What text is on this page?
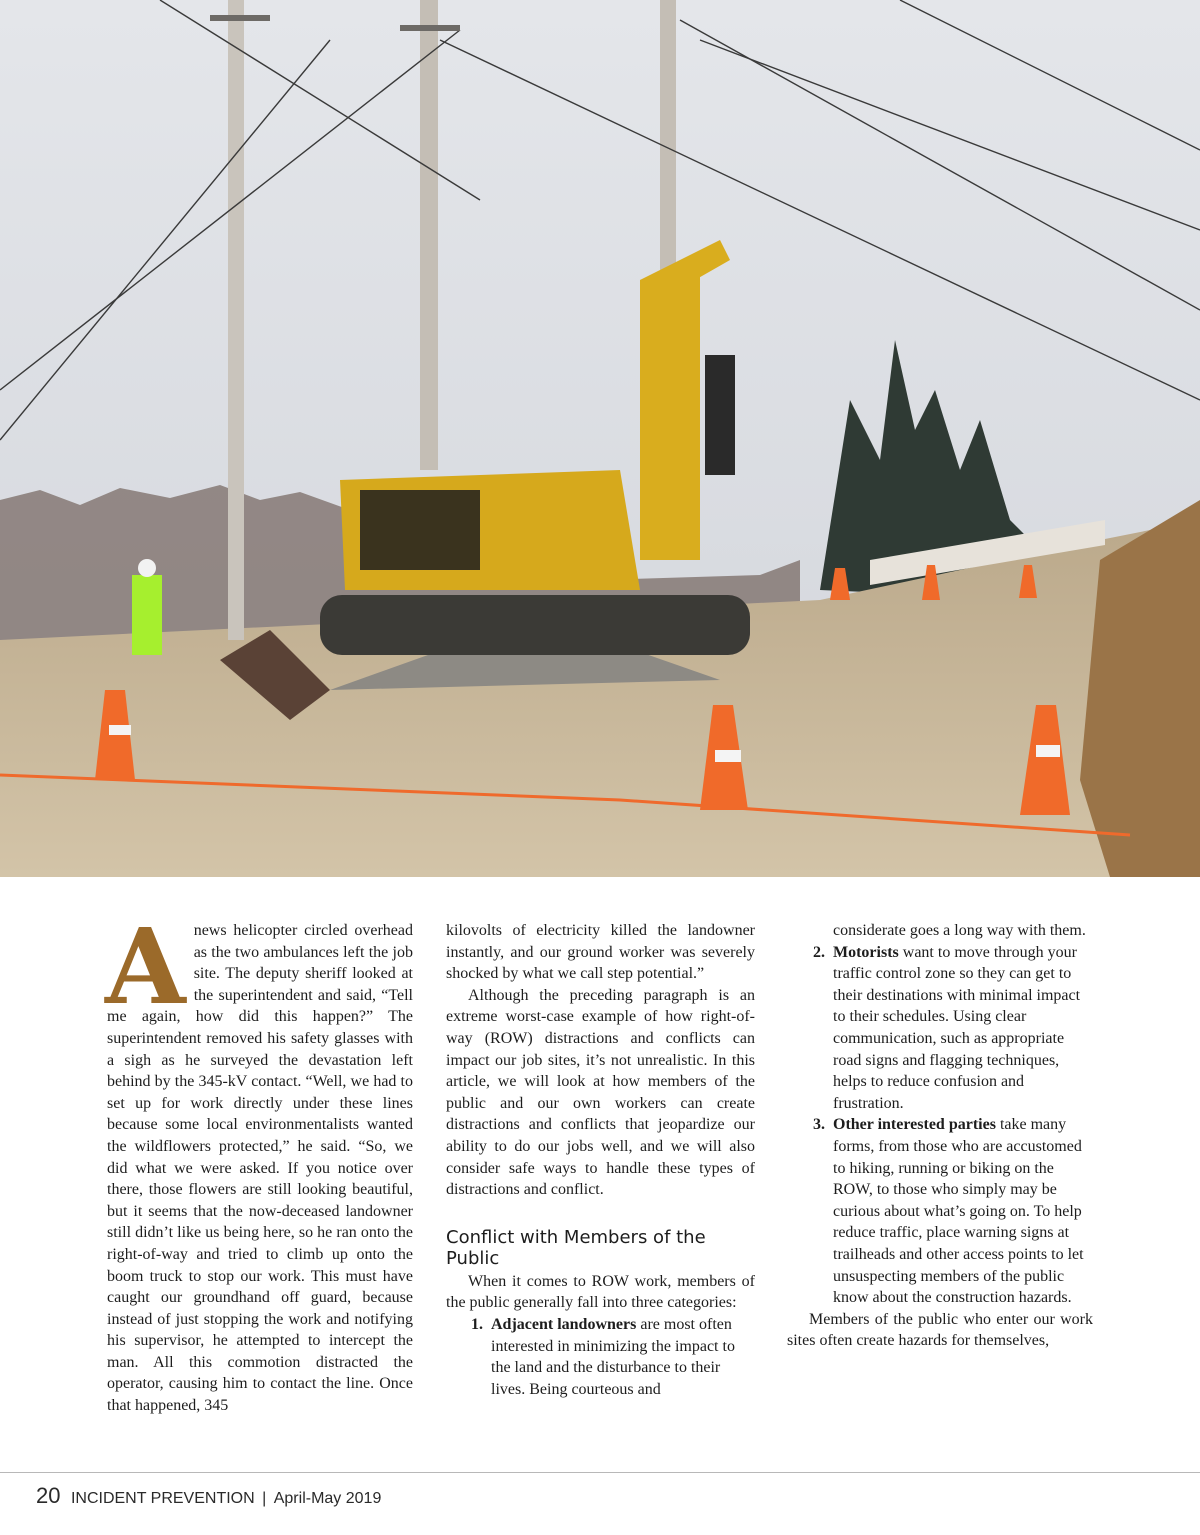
Anews helicopter circled overhead as the two ambulances left the job site. The deputy sheriff looked at the superintendent and said, “Tell me again, how did this happen?” The superintendent removed his safety glasses with a sigh as he surveyed the devastation left behind by the 345-kV contact. “Well, we had to set up for work directly under these lines because some local environmentalists wanted the wildflowers protected,” he said. “So, we did what we were asked. If you notice over there, those flowers are still looking beautiful, but it seems that the now-deceased landowner still didn’t like us being here, so he ran onto the right-of-way and tried to climb up onto the boom truck to stop our work. This must have caught our groundhand off guard, because instead of just stopping the work and notifying his supervisor, he attempted to intercept the man. All this commotion distracted the operator, causing him to contact the line. Once that happened, 345

kilovolts of electricity killed the landowner instantly, and our ground worker was severely shocked by what we call step potential.”

Although the preceding paragraph is an extreme worst-case example of how right-of-way (ROW) distractions and conflicts can impact our job sites, it’s not unrealistic. In this article, we will look at how members of the public and our own workers can create distractions and conflicts that jeopardize our ability to do our jobs well, and we will also consider safe ways to handle these types of distractions and conflict.

Conflict with Members of the Public

When it comes to ROW work, members of the public generally fall into three categories:

1. Adjacent landowners are most often interested in minimizing the impact to the land and the disturbance to their lives. Being courteous and
considerate goes a long way with them.
2. Motorists want to move through your traffic control zone so they can get to their destinations with minimal impact to their schedules. Using clear communication, such as appropriate road signs and flagging techniques, helps to reduce confusion and frustration.
3. Other interested parties take many forms, from those who are accustomed to hiking, running or biking on the ROW, to those who simply may be curious about what’s going on. To help reduce traffic, place warning signs at trailheads and other access points to let unsuspecting members of the public know about the construction hazards.

Members of the public who enter our work sites often create hazards for themselves,

20 INCIDENT PREVENTION | April-May 2019
